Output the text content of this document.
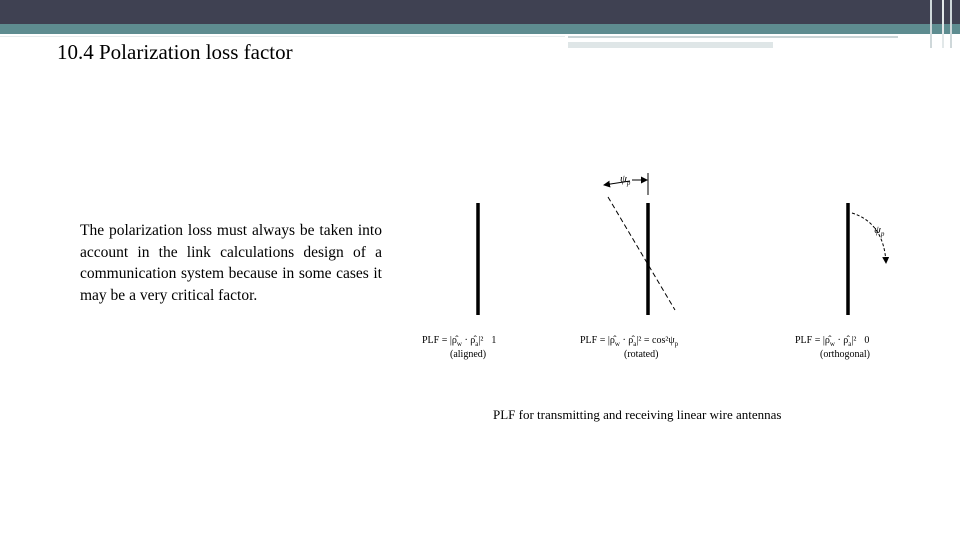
10.4 Polarization loss factor
The polarization loss must always be taken into account in the link calculations design of a communication system because in some cases it may be a very critical factor.
PLF = $|\rhô_w$ · $\rhô_a|^2$ 1
(aligned)
$\psi_p$
PLF = $|\rhô_w$ · $\rhô_a|^2 = \cos^2\psi_p$
(rotated)
$\psi_p$
PLF = $|\rhô_w$ · $\rhô_a|^2$ 0
(orthogonal)
PLF for transmitting and receiving linear wire antennas
